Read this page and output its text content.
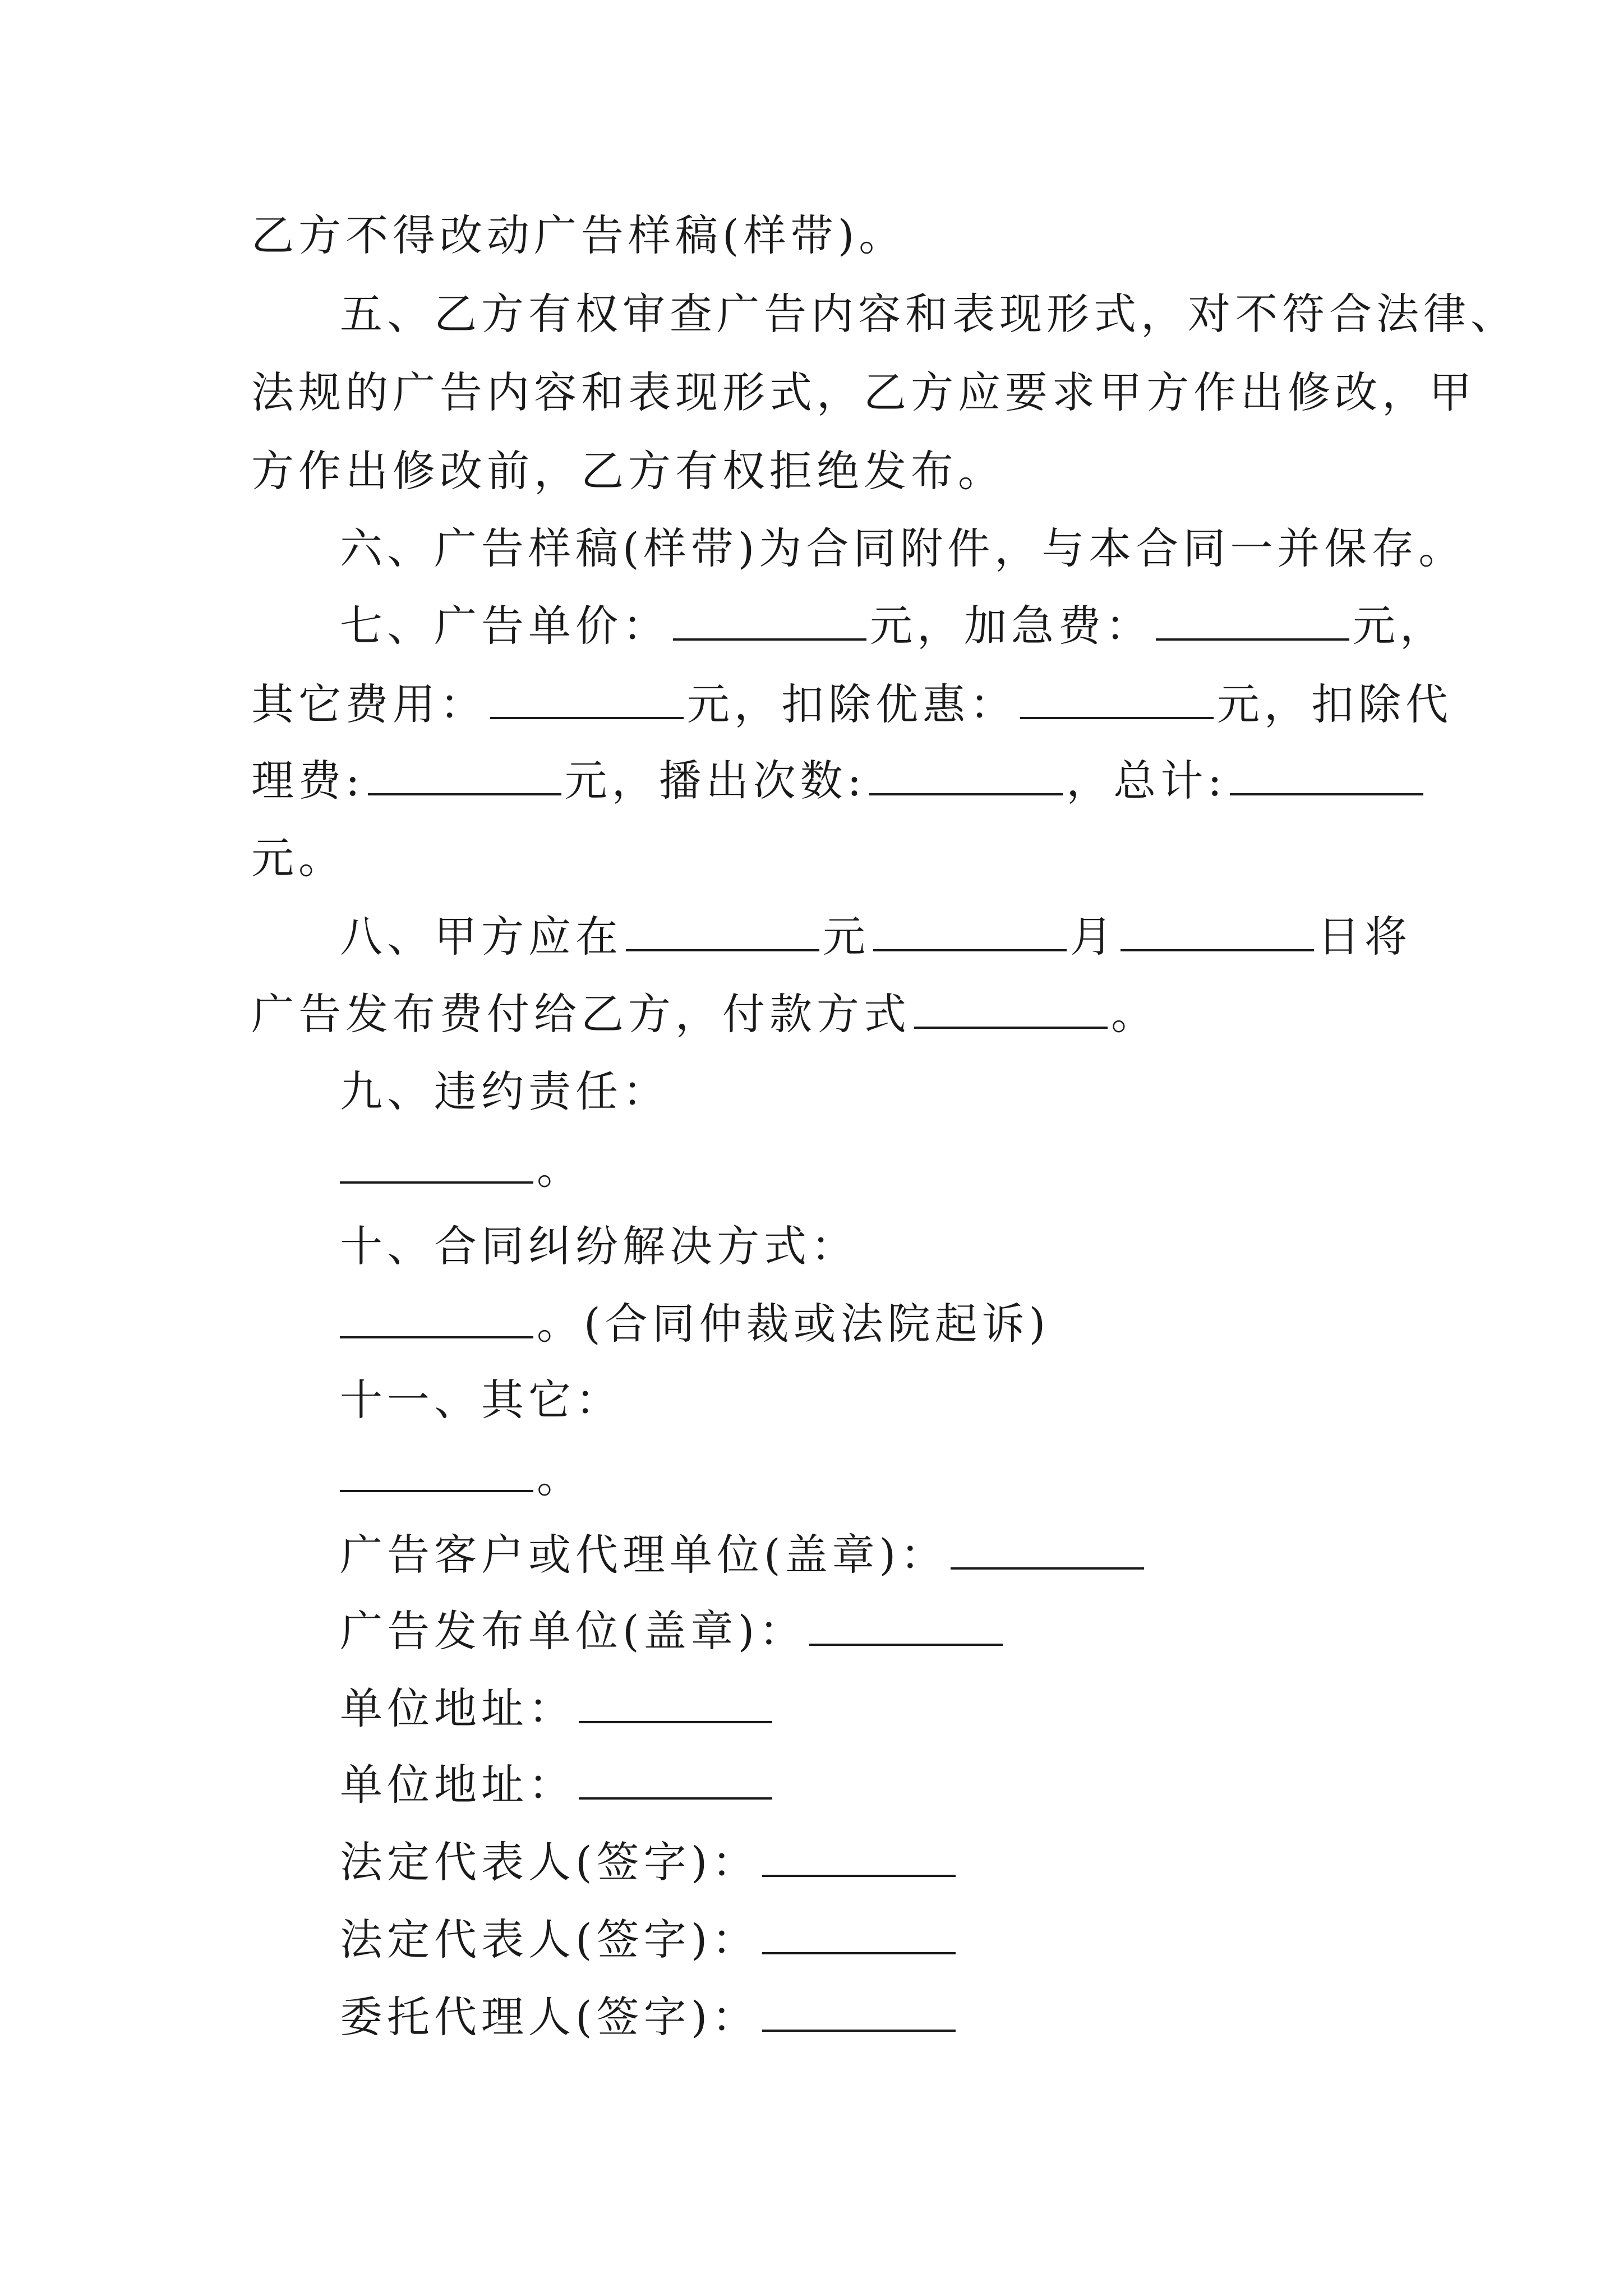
乙方不得改动广告样稿(样带)。
五、乙方有权审查广告内容和表现形式，对不符合法律、
法规的广告内容和表现形式，乙方应要求甲方作出修改，甲
方作出修改前，乙方有权拒绝发布。
六、广告样稿(样带)为合同附件，与本合同一并保存。
七、广告单价：	元，加急费：	元，
其它费用：	元，扣除优惠：	元，扣除代
理费:	元，播出次数:	，总计:
元。
八、甲方应在	元	月	日将
广告发布费付给乙方，付款方式	。
九、违约责任：
。
十、合同纠纷解决方式：
。(合同仲裁或法院起诉)
十一、其它：
。
广告客户或代理单位(盖章)：
广告发布单位(盖章)：
单位地址：
单位地址：
法定代表人(签字)：
法定代表人(签字)：
委托代理人(签字)：
